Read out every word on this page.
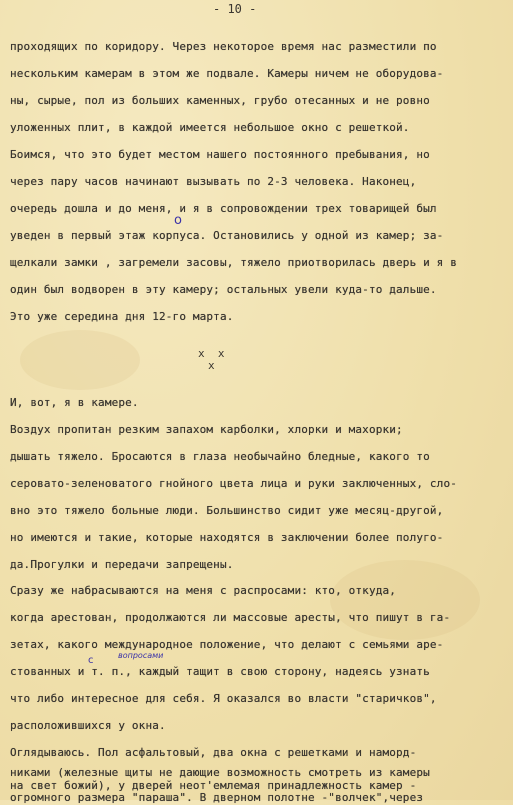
- 10 -
проходящих по коридору. Через некоторое время нас разместили по
нескольким камерам в этом же подвале. Камеры ничем не оборудова-
ны, сырые, пол из больших каменных, грубо отесанных и не ровно
уложенных плит, в каждой имеется небольшое окно с решеткой.
Боимся, что это будет местом нашего постоянного пребывания, но
через пару часов начинают вызывать по 2-3 человека. Наконец,
очередь дошла и до меня, и я в сопровождении трех товарищей был
уведен в первый этаж корпуса. Остановились у одной из камер; за-
щелкали замки , загремели засовы, тяжело приотворилась дверь и я в
один был водворен в эту камеру; остальных увели куда-то дальше.
Это уже середина дня 12-го марта.
x  x
x
И, вот, я в камере.
Воздух пропитан резким запахом карболки, хлорки и махорки;
дышать тяжело. Бросаются в глаза необычайно бледные, какого то
серовато-зеленоватого гнойного цвета лица и руки заключенных, сло-
вно это тяжело больные люди. Большинство сидит уже месяц-другой,
но имеются и такие, которые находятся в заключении более полуго-
да.Прогулки и передачи запрещены.
Сразу же набрасываются на меня с распросами: кто, откуда,
когда арестован, продолжаются ли массовые аресты, что пишут в га-
зетах, какого международное положение, что делают с семьями аре-
стованных и т. п., каждый тащит в свою сторону, надеясь узнать
что либо интересное для себя. Я оказался во власти "старичков",
расположившихся у окна.
Оглядываюсь. Пол асфальтовый, два окна с решетками и наморд-
никами (железные щиты не дающие возможность смотреть из камеры
на свет божий), у дверей неот'емлемая принадлежность камер -
огромного размера "параша". В дверном полотне -"волчек",через
о
с	вопросами
